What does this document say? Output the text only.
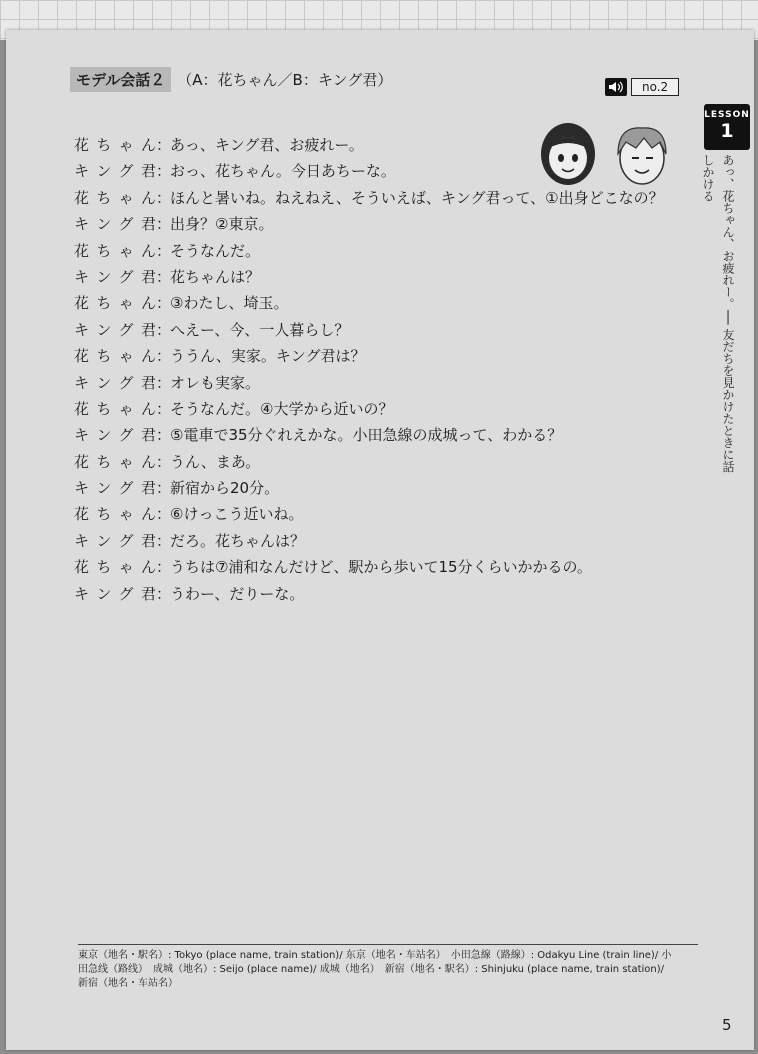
LESSON
1
あっ、花ちゃん、お疲れー。── 友だちを見かけたときに話しかける
モデル会話２ （A：花ちゃん／B：キング君）	no.2
花ちゃん ：
あっ、キング君、お疲れー。
キング君 ：
おっ、花ちゃん。今日あちーな。
花ちゃん ：
ほんと暑いね。ねえねえ、そういえば、キング君って、①出身どこなの？
キング君 ：
出身？②東京。
花ちゃん ：
そうなんだ。
キング君 ：
花ちゃんは？
花ちゃん ：
③わたし、埼玉。
キング君 ：
へえー、今、一人暮らし？
花ちゃん ：
ううん、実家。キング君は？
キング君 ：
オレも実家。
花ちゃん ：
そうなんだ。④大学から近いの？
キング君 ：
⑤電車で35分ぐれえかな。小田急線の成城って、わかる？
花ちゃん ：
うん、まあ。
キング君 ：
新宿から20分。
花ちゃん ：
⑥けっこう近いね。
キング君 ：
だろ。花ちゃんは？
花ちゃん ：
うちは⑦浦和なんだけど、駅から歩いて15分くらいかかるの。
キング君 ：
うわー、だりーな。
東京（地名・駅名）: Tokyo (place name, train station)/ 东京（地名・车站名）　小田急線（路線）: Odakyu Line (train line)/ 小
田急线（路线）　成城（地名）: Seijo (place name)/ 成城（地名）　新宿（地名・駅名）: Shinjuku (place name, train station)/
新宿（地名・车站名）
5
